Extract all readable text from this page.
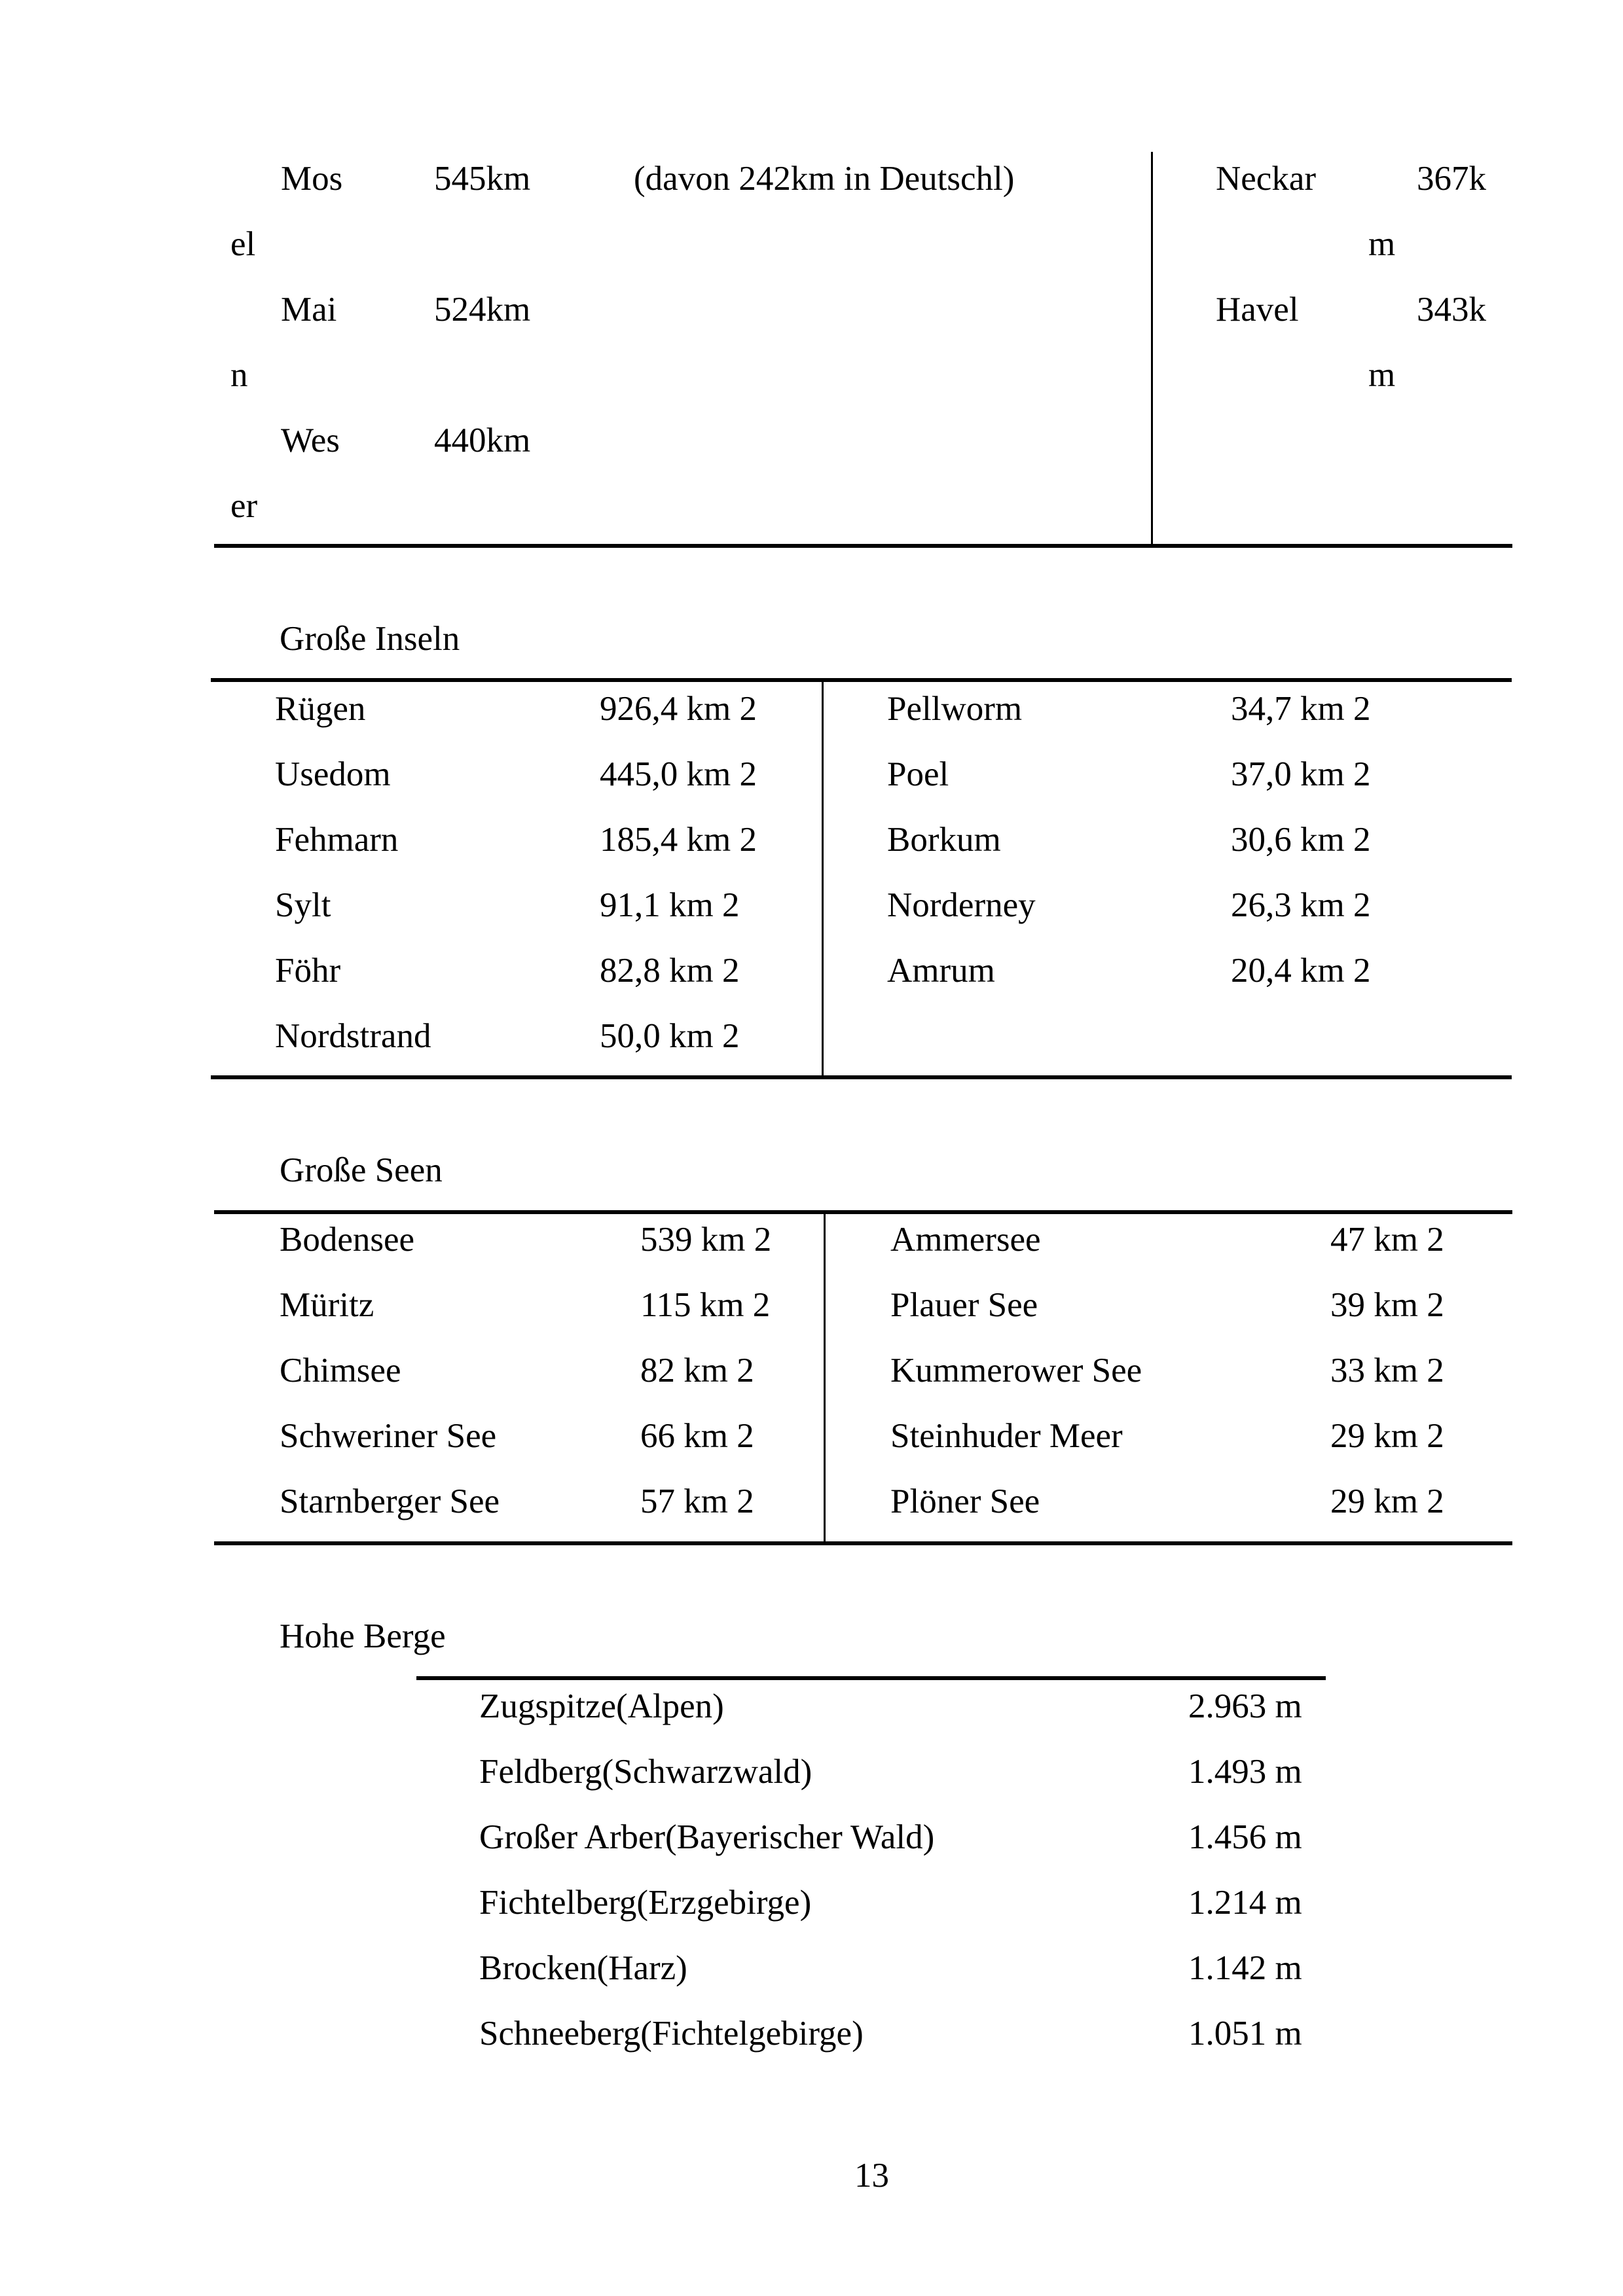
Mos	545km	(davon 242km in Deutschl)
el
Mai	524km
n
Wes	440km
er
Neckar	367k
m
Havel	343k
m
Große Inseln
Rügen	926,4 km 2
Usedom	445,0 km 2
Fehmarn	185,4 km 2
Sylt	91,1 km 2
Föhr	82,8 km 2
Nordstrand	50,0 km 2
Pellworm	34,7 km 2
Poel	37,0 km 2
Borkum	30,6 km 2
Norderney	26,3 km 2
Amrum	20,4 km 2
Große Seen
Bodensee	539 km 2
Müritz	115 km 2
Chimsee	82 km 2
Schweriner See	66 km 2
Starnberger See	57 km 2
Ammersee	47 km 2
Plauer See	39 km 2
Kummerower See	33 km 2
Steinhuder Meer	29 km 2
Plöner See	29 km 2
Hohe Berge
Zugspitze(Alpen)	2.963 m
Feldberg(Schwarzwald)	1.493 m
Großer Arber(Bayerischer Wald)	1.456 m
Fichtelberg(Erzgebirge)	1.214 m
Brocken(Harz)	1.142 m
Schneeberg(Fichtelgebirge)	1.051 m
13
